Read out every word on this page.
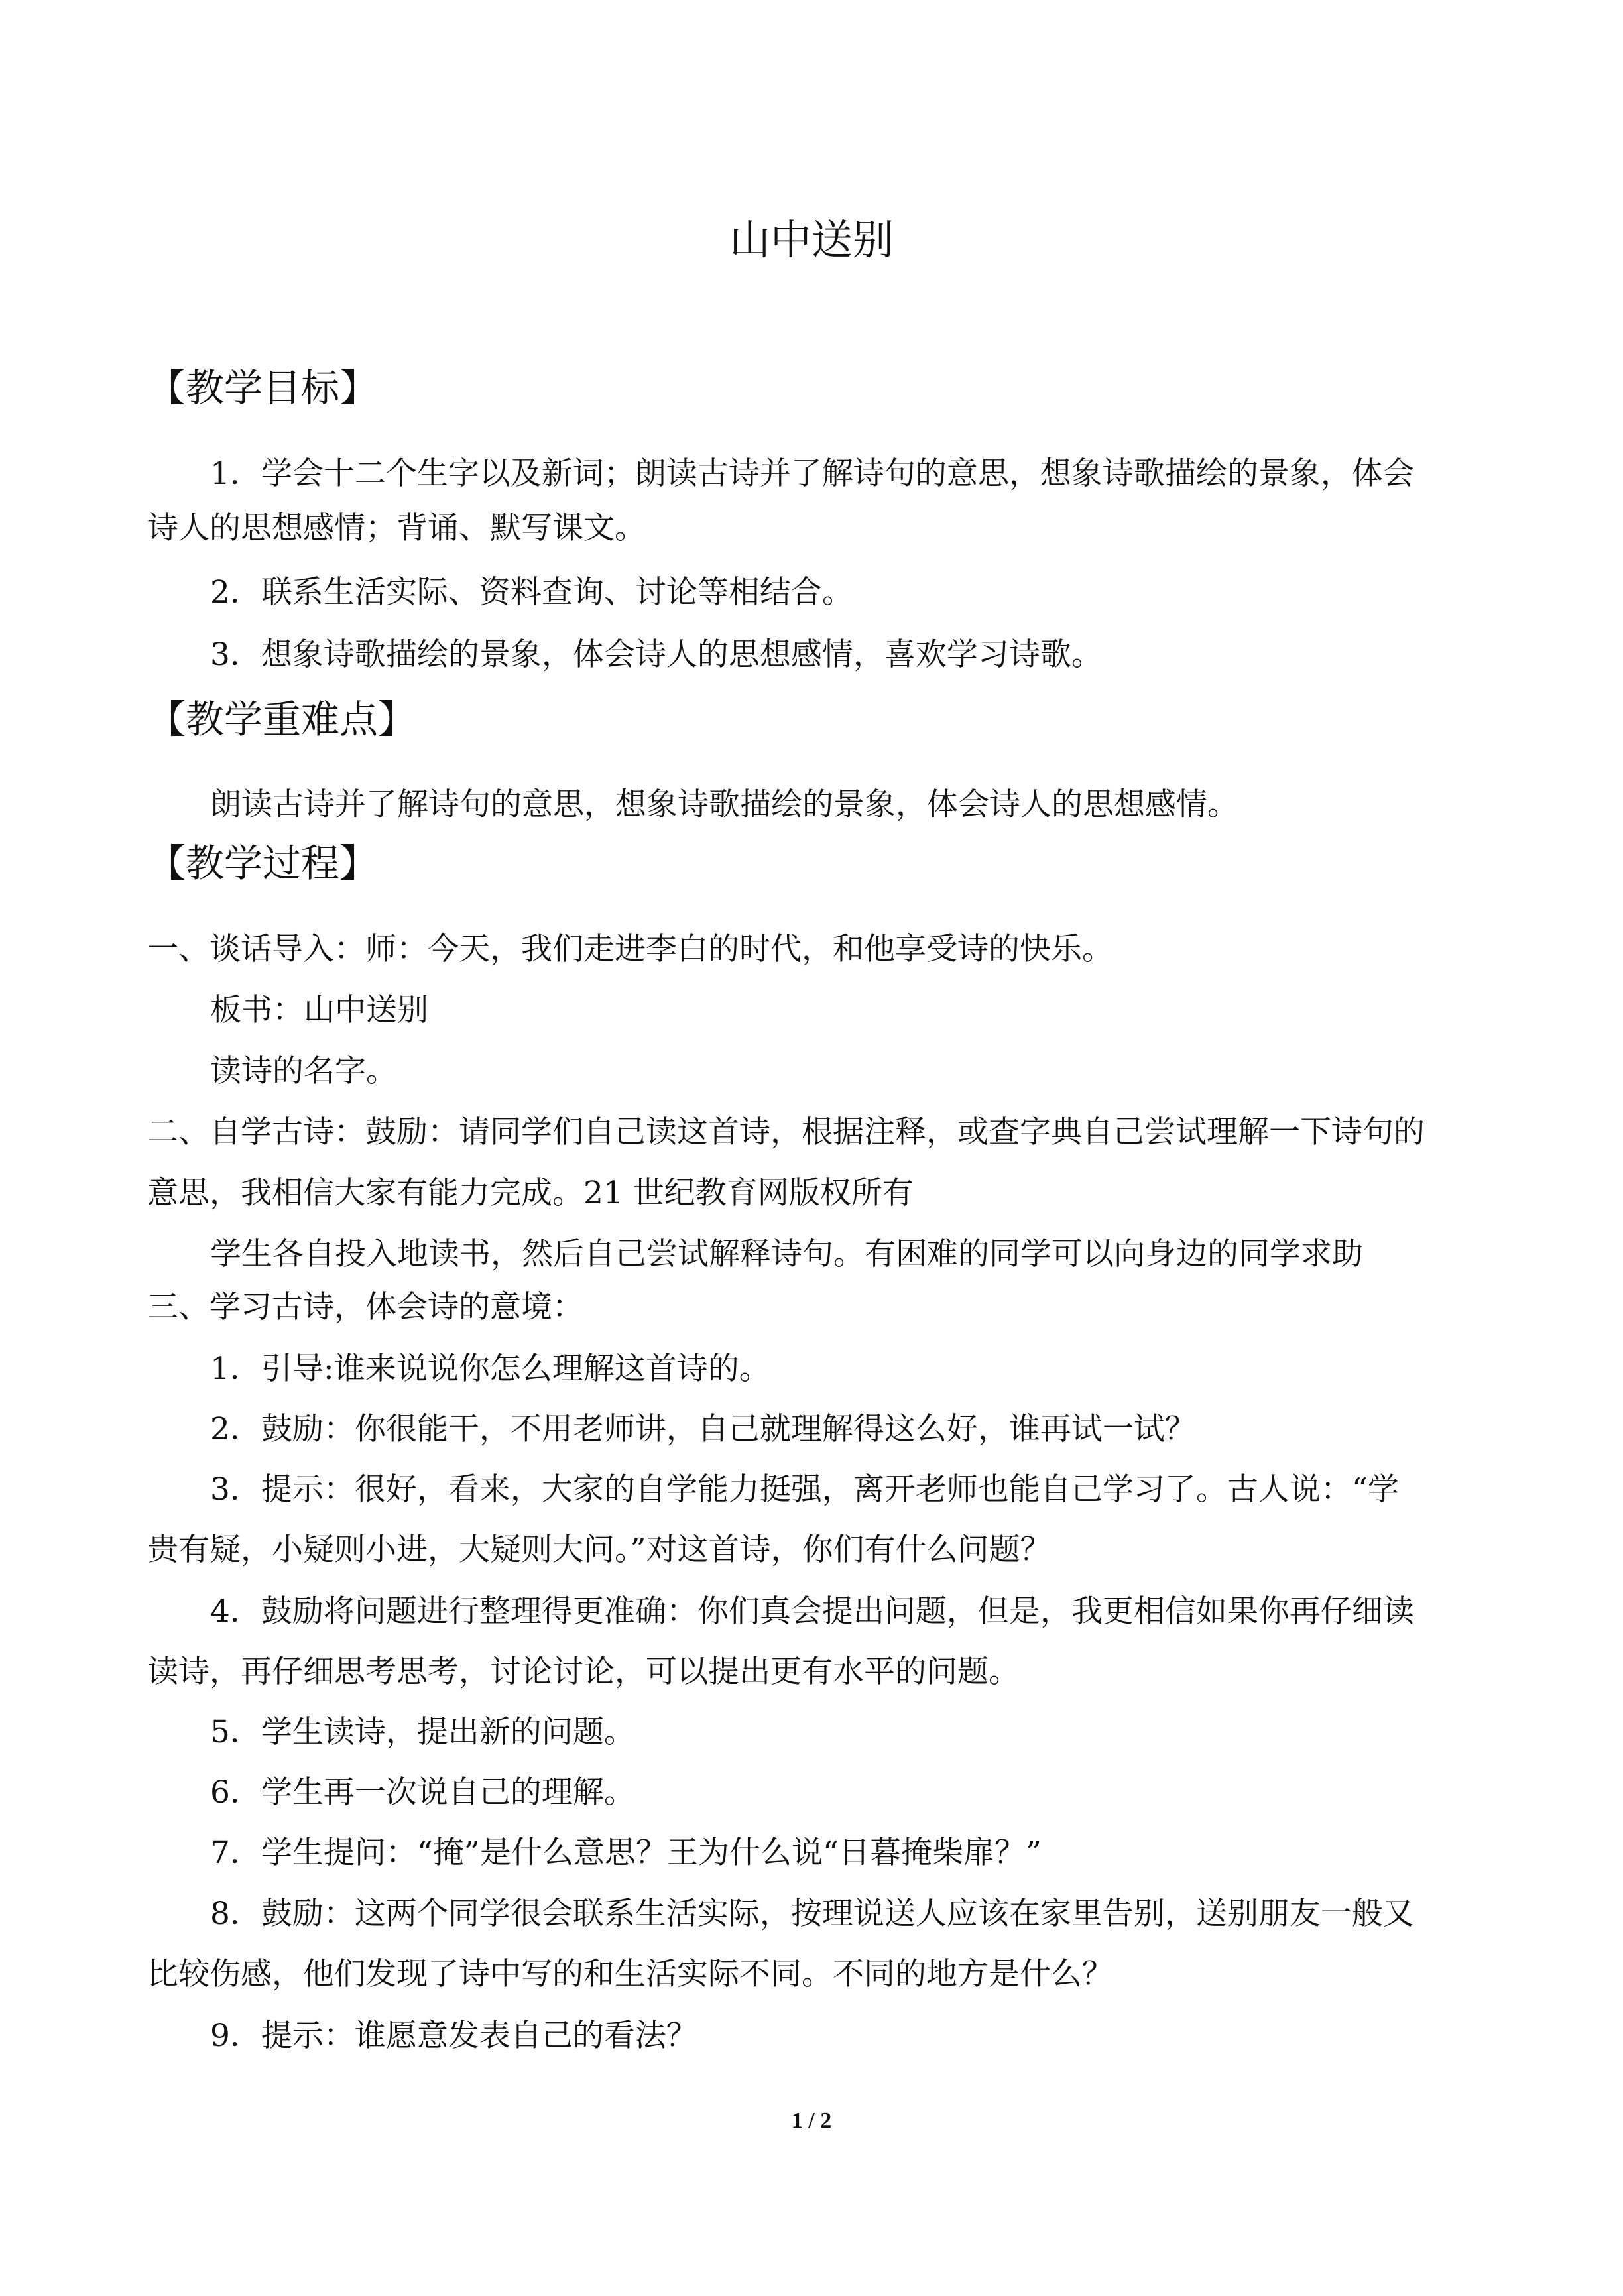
山中送别
【教学目标】
1．学会十二个生字以及新词；朗读古诗并了解诗句的意思，想象诗歌描绘的景象，体会
诗人的思想感情；背诵、默写课文。
2．联系生活实际、资料查询、讨论等相结合。
3．想象诗歌描绘的景象，体会诗人的思想感情，喜欢学习诗歌。
【教学重难点】
朗读古诗并了解诗句的意思，想象诗歌描绘的景象，体会诗人的思想感情。
【教学过程】
一、谈话导入：师：今天，我们走进李白的时代，和他享受诗的快乐。
板书：山中送别
读诗的名字。
二、自学古诗：鼓励：请同学们自己读这首诗，根据注释，或查字典自己尝试理解一下诗句的
意思，我相信大家有能力完成。21 世纪教育网版权所有
学生各自投入地读书，然后自己尝试解释诗句。有困难的同学可以向身边的同学求助
三、学习古诗，体会诗的意境：
1．引导:谁来说说你怎么理解这首诗的。
2．鼓励：你很能干，不用老师讲，自己就理解得这么好，谁再试一试？
3．提示：很好，看来，大家的自学能力挺强，离开老师也能自己学习了。古人说：“学
贵有疑，小疑则小进，大疑则大问。”对这首诗，你们有什么问题？
4．鼓励将问题进行整理得更准确：你们真会提出问题，但是，我更相信如果你再仔细读
读诗，再仔细思考思考，讨论讨论，可以提出更有水平的问题。
5．学生读诗，提出新的问题。
6．学生再一次说自己的理解。
7．学生提问：“掩”是什么意思？王为什么说“日暮掩柴扉？”
8．鼓励：这两个同学很会联系生活实际，按理说送人应该在家里告别，送别朋友一般又
比较伤感，他们发现了诗中写的和生活实际不同。不同的地方是什么？
9．提示：谁愿意发表自己的看法？
1 / 2
